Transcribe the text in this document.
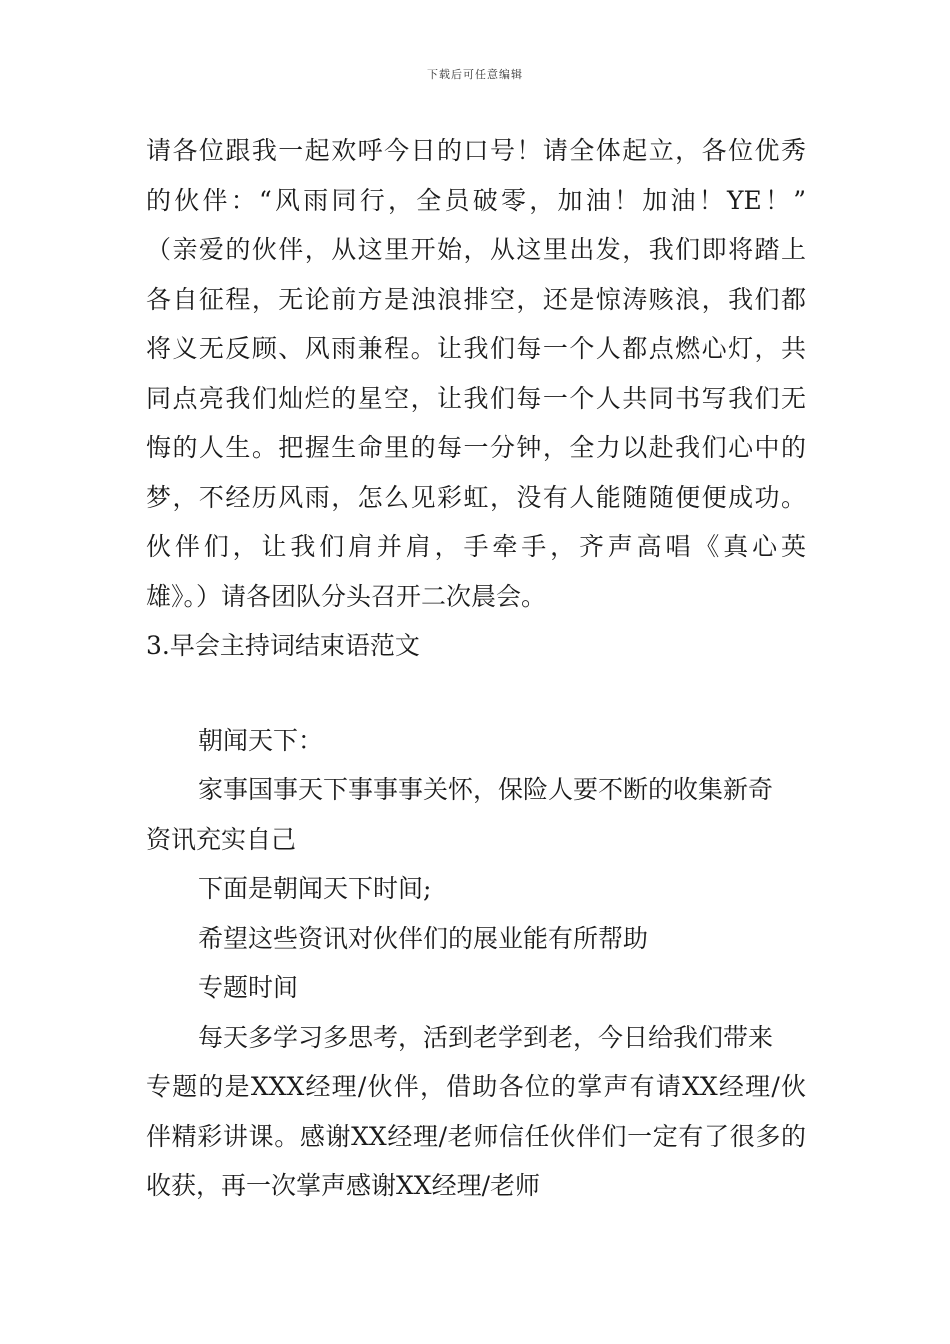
下载后可任意编辑
请各位跟我一起欢呼今日的口号！请全体起立，各位优秀
的伙伴：“风雨同行，全员破零，加油！加油！YE！”
（亲爱的伙伴，从这里开始，从这里出发，我们即将踏上
各自征程，无论前方是浊浪排空，还是惊涛赅浪，我们都
将义无反顾、风雨兼程。让我们每一个人都点燃心灯，共
同点亮我们灿烂的星空，让我们每一个人共同书写我们无
悔的人生。把握生命里的每一分钟，全力以赴我们心中的
梦，不经历风雨，怎么见彩虹，没有人能随随便便成功。
伙伴们，让我们肩并肩，手牵手，齐声高唱《真心英
雄》。）请各团队分头召开二次晨会。
3.早会主持词结束语范文
朝闻天下：
家事国事天下事事事关怀，保险人要不断的收集新奇
资讯充实自己
下面是朝闻天下时间;
希望这些资讯对伙伴们的展业能有所帮助
专题时间
每天多学习多思考，活到老学到老，今日给我们带来
专题的是XXX经理/伙伴，借助各位的掌声有请XX经理/伙
伴精彩讲课。感谢XX经理/老师信任伙伴们一定有了很多的
收获，再一次掌声感谢XX经理/老师
